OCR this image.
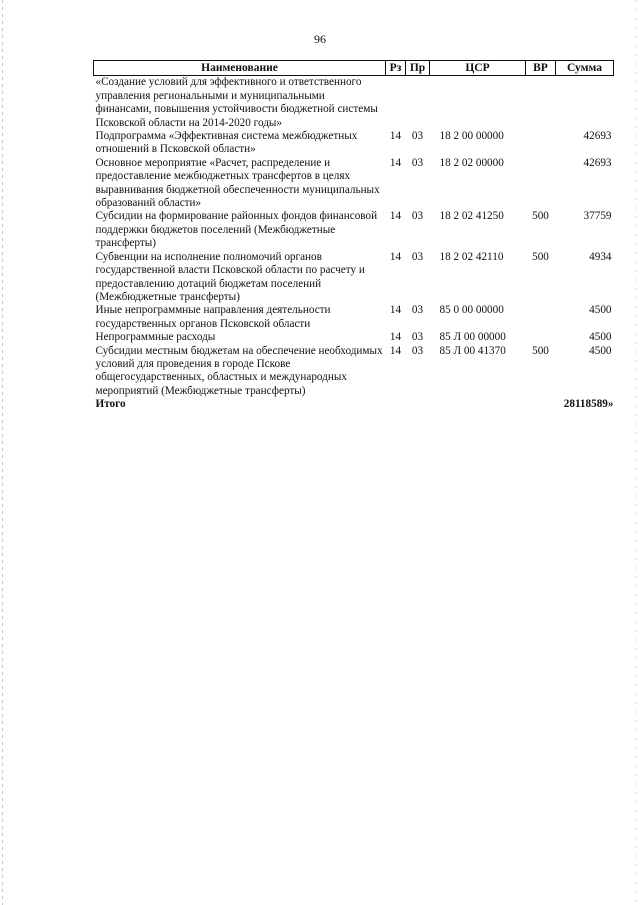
96
Наименование	Рз	Пр	ЦСР	ВР	Сумма
«Создание условий для эффективного и ответственного управления региональными и муниципальными финансами, повышения устойчивости бюджетной системы Псковской области на 2014-2020 годы»					
Подпрограмма «Эффективная система межбюджетных отношений в Псковской области»	14	03	18 2 00 00000		42693
Основное мероприятие «Расчет, распределение и предоставление межбюджетных трансфертов в целях выравнивания бюджетной обеспеченности муниципальных образований области»	14	03	18 2 02 00000		42693
Субсидии на формирование районных фондов финансовой поддержки бюджетов поселений (Межбюджетные трансферты)	14	03	18 2 02 41250	500	37759
Субвенции на исполнение полномочий органов государственной власти Псковской области по расчету и предоставлению дотаций бюджетам поселений (Межбюджетные трансферты)	14	03	18 2 02 42110	500	4934
Иные непрограммные направления деятельности государственных органов Псковской области	14	03	85 0 00 00000		4500
Непрограммные расходы	14	03	85 Л 00 00000		4500
Субсидии местным бюджетам на обеспечение необходимых условий для проведения в городе Пскове общегосударственных, областных и международных мероприятий (Межбюджетные трансферты)	14	03	85 Л 00 41370	500	4500
Итого					28118589»
